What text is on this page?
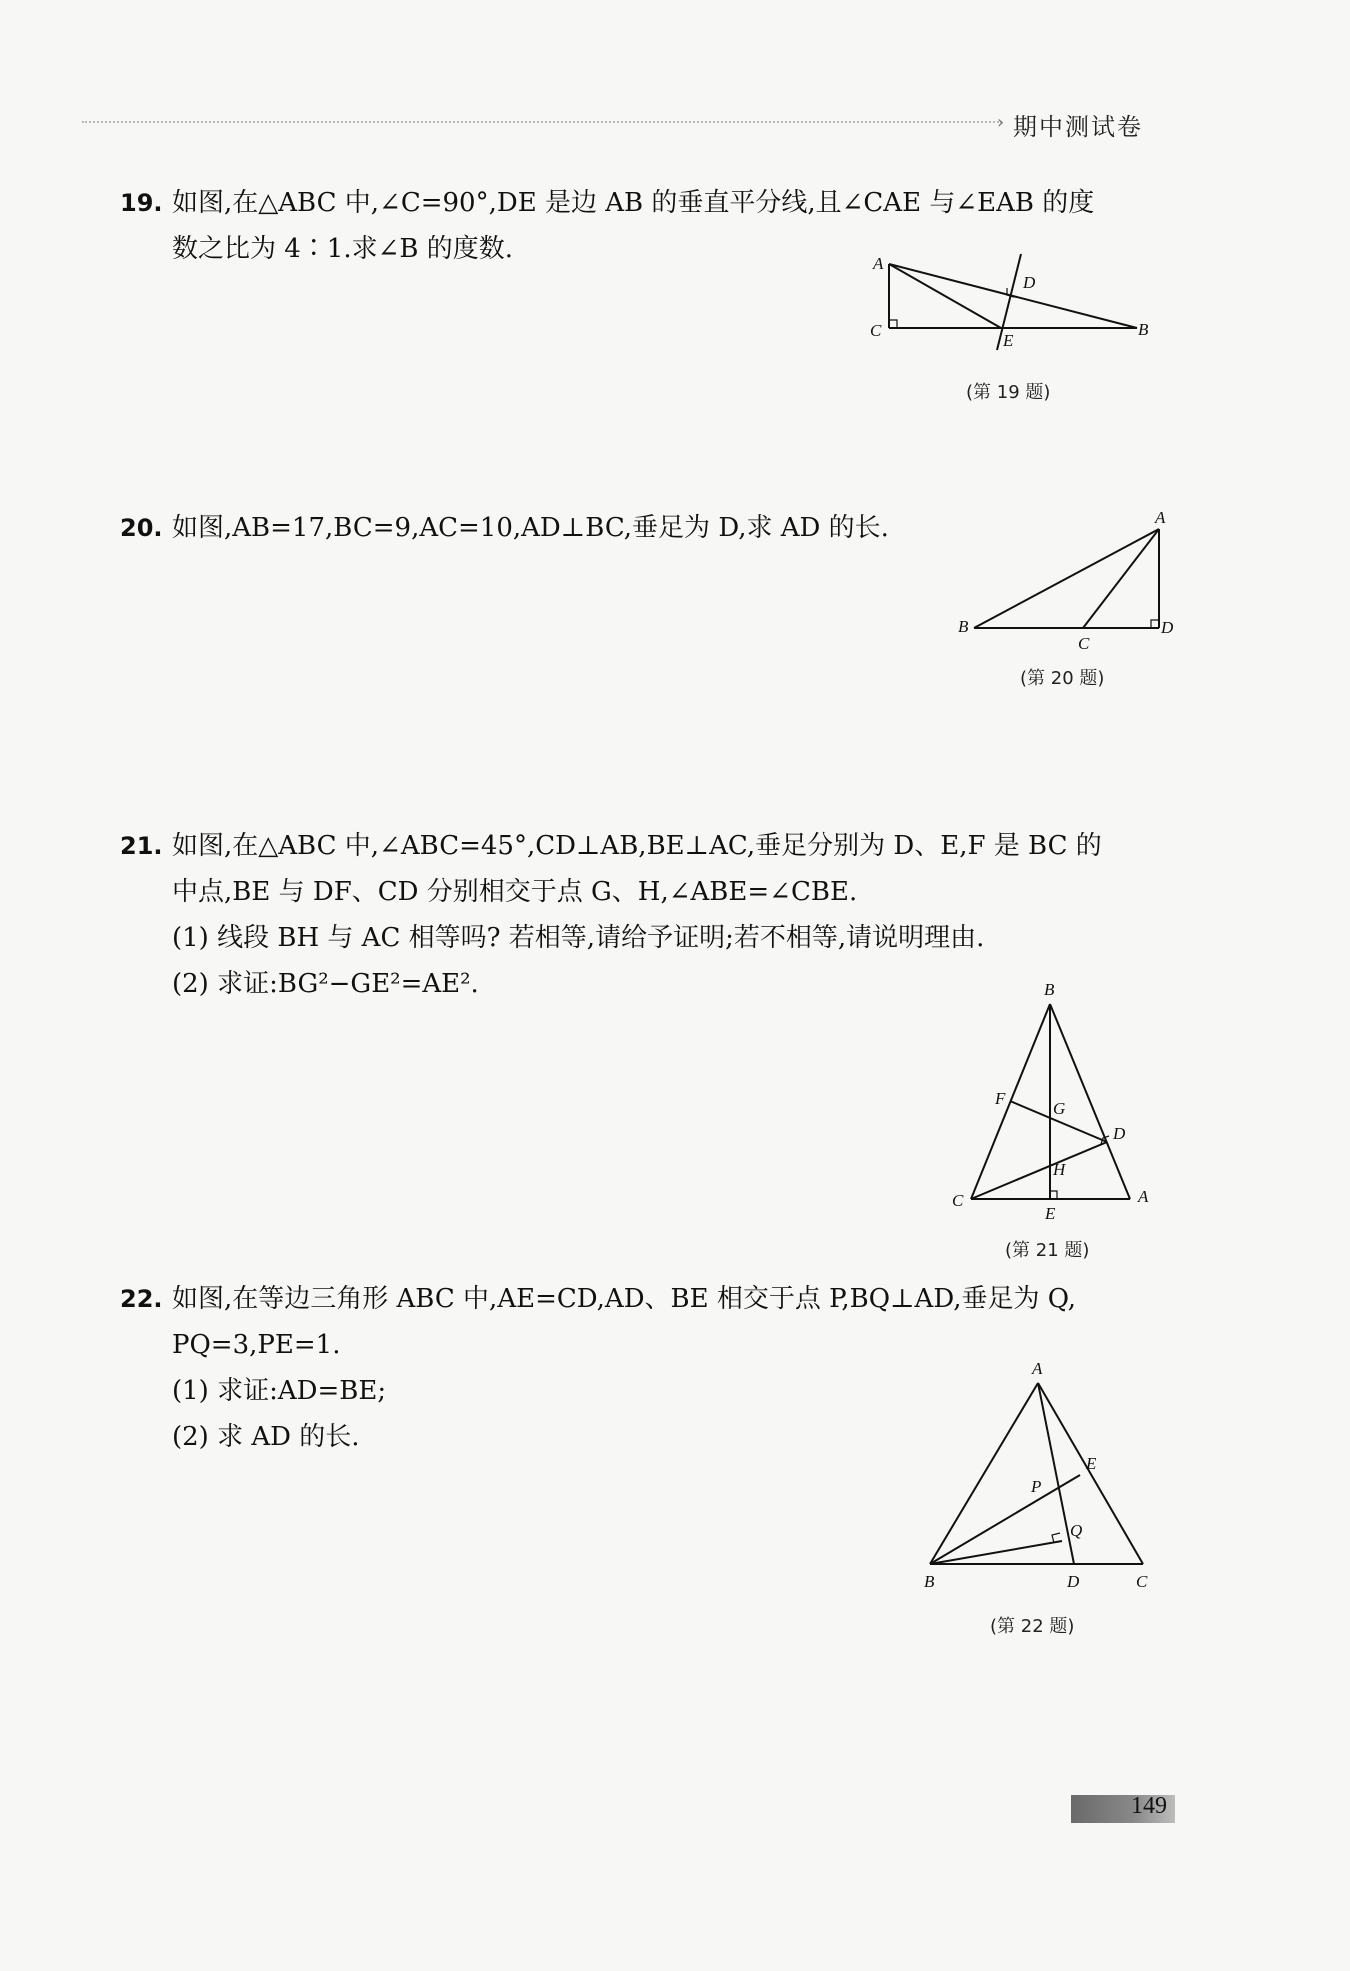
› 期中测试卷
19. 如图,在△ABC 中,∠C=90°,DE 是边 AB 的垂直平分线,且∠CAE 与∠EAB 的度
数之比为 4∶1.求∠B 的度数.	A
D
C
E
B
(第 19 题)
20. 如图,AB=17,BC=9,AC=10,AD⊥BC,垂足为 D,求 AD 的长.	A
B	D
C
(第 20 题)
21. 如图,在△ABC 中,∠ABC=45°,CD⊥AB,BE⊥AC,垂足分别为 D、E,F 是 BC 的
中点,BE 与 DF、CD 分别相交于点 G、H,∠ABE=∠CBE.
(1) 线段 BH 与 AC 相等吗? 若相等,请给予证明;若不相等,请说明理由.
(2) 求证:BG²−GE²=AE².	B
F
G
D
H
C
E
A
(第 21 题)
22. 如图,在等边三角形 ABC 中,AE=CD,AD、BE 相交于点 P,BQ⊥AD,垂足为 Q,
PQ=3,PE=1.
(1) 求证:AD=BE;
(2) 求 AD 的长.
A
E
P
Q
B	D	C
(第 22 题)
149
